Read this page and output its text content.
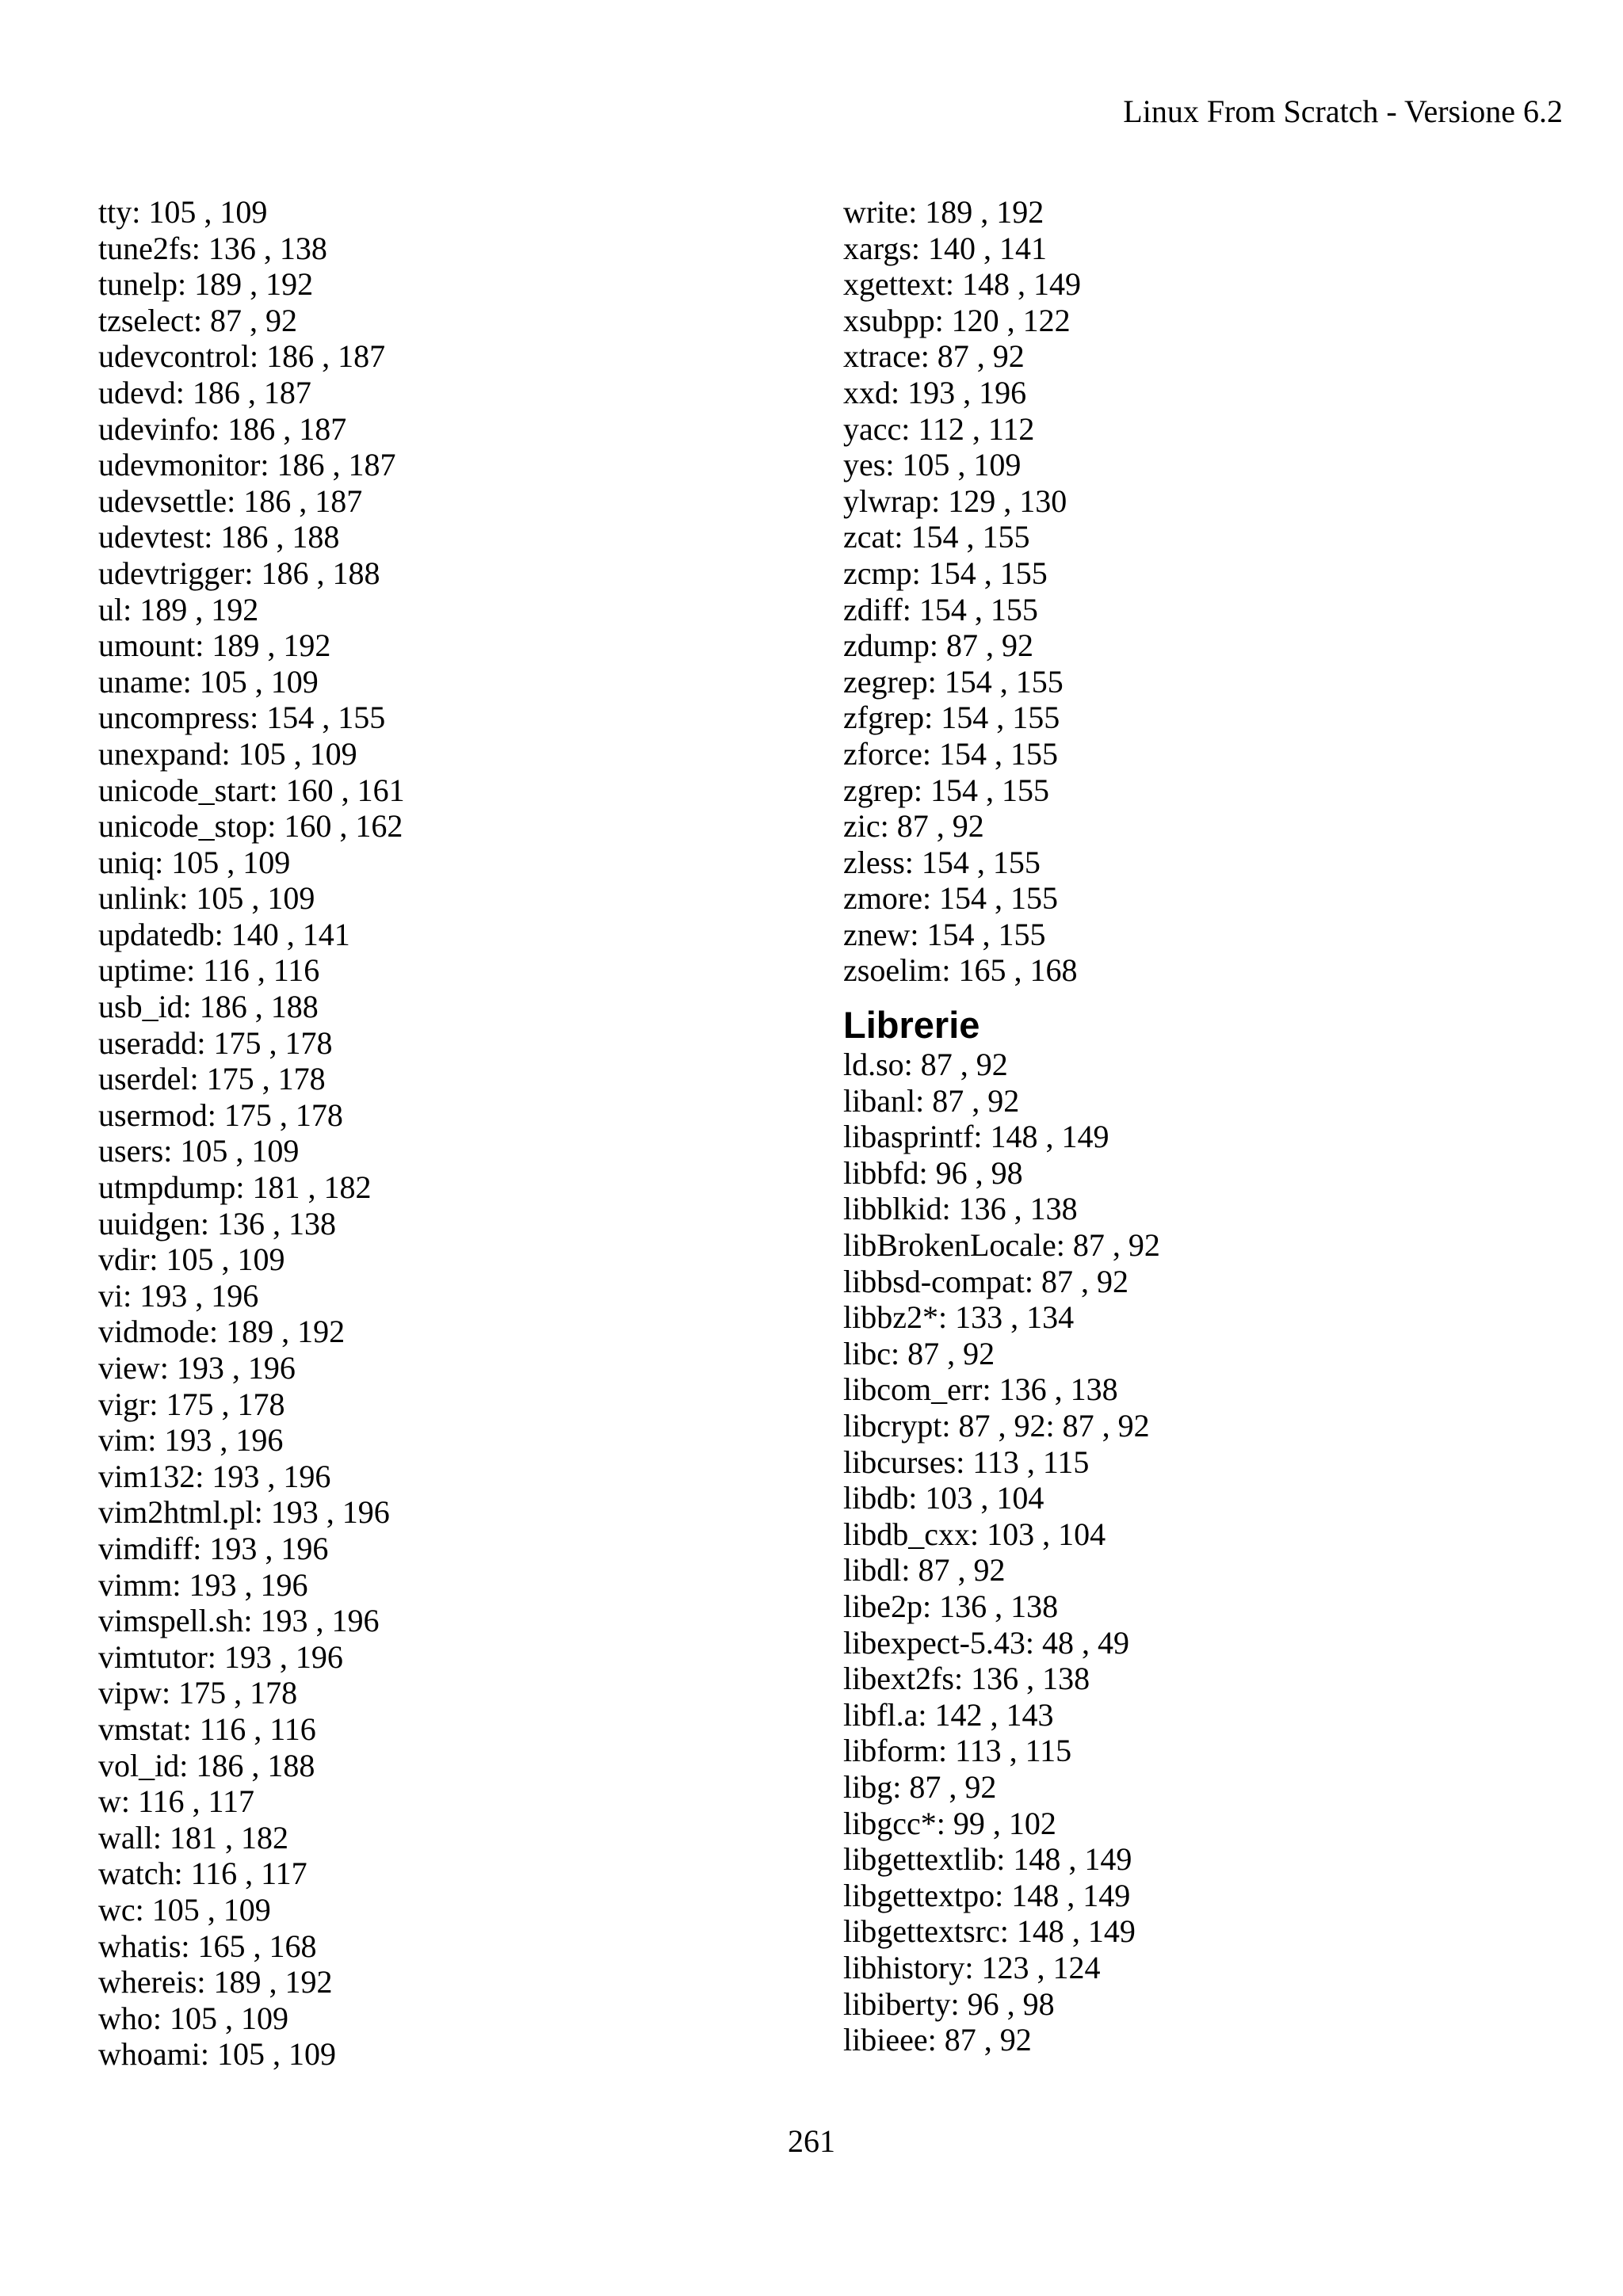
Linux From Scratch - Versione 6.2
tty: 105 , 109
tune2fs: 136 , 138
tunelp: 189 , 192
tzselect: 87 , 92
udevcontrol: 186 , 187
udevd: 186 , 187
udevinfo: 186 , 187
udevmonitor: 186 , 187
udevsettle: 186 , 187
udevtest: 186 , 188
udevtrigger: 186 , 188
ul: 189 , 192
umount: 189 , 192
uname: 105 , 109
uncompress: 154 , 155
unexpand: 105 , 109
unicode_start: 160 , 161
unicode_stop: 160 , 162
uniq: 105 , 109
unlink: 105 , 109
updatedb: 140 , 141
uptime: 116 , 116
usb_id: 186 , 188
useradd: 175 , 178
userdel: 175 , 178
usermod: 175 , 178
users: 105 , 109
utmpdump: 181 , 182
uuidgen: 136 , 138
vdir: 105 , 109
vi: 193 , 196
vidmode: 189 , 192
view: 193 , 196
vigr: 175 , 178
vim: 193 , 196
vim132: 193 , 196
vim2html.pl: 193 , 196
vimdiff: 193 , 196
vimm: 193 , 196
vimspell.sh: 193 , 196
vimtutor: 193 , 196
vipw: 175 , 178
vmstat: 116 , 116
vol_id: 186 , 188
w: 116 , 117
wall: 181 , 182
watch: 116 , 117
wc: 105 , 109
whatis: 165 , 168
whereis: 189 , 192
who: 105 , 109
whoami: 105 , 109
write: 189 , 192
xargs: 140 , 141
xgettext: 148 , 149
xsubpp: 120 , 122
xtrace: 87 , 92
xxd: 193 , 196
yacc: 112 , 112
yes: 105 , 109
ylwrap: 129 , 130
zcat: 154 , 155
zcmp: 154 , 155
zdiff: 154 , 155
zdump: 87 , 92
zegrep: 154 , 155
zfgrep: 154 , 155
zforce: 154 , 155
zgrep: 154 , 155
zic: 87 , 92
zless: 154 , 155
zmore: 154 , 155
znew: 154 , 155
zsoelim: 165 , 168
Librerie
ld.so: 87 , 92
libanl: 87 , 92
libasprintf: 148 , 149
libbfd: 96 , 98
libblkid: 136 , 138
libBrokenLocale: 87 , 92
libbsd-compat: 87 , 92
libbz2*: 133 , 134
libc: 87 , 92
libcom_err: 136 , 138
libcrypt: 87 , 92: 87 , 92
libcurses: 113 , 115
libdb: 103 , 104
libdb_cxx: 103 , 104
libdl: 87 , 92
libe2p: 136 , 138
libexpect-5.43: 48 , 49
libext2fs: 136 , 138
libfl.a: 142 , 143
libform: 113 , 115
libg: 87 , 92
libgcc*: 99 , 102
libgettextlib: 148 , 149
libgettextpo: 148 , 149
libgettextsrc: 148 , 149
libhistory: 123 , 124
libiberty: 96 , 98
libieee: 87 , 92
261
